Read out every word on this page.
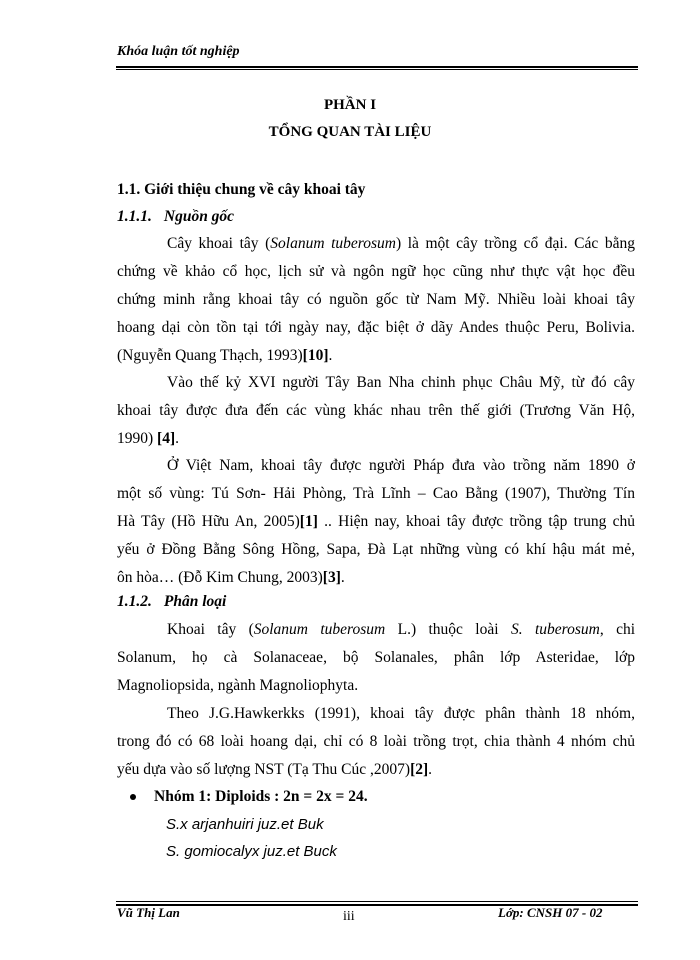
Khóa luận tốt nghiệp
PHẦN I
TỔNG QUAN TÀI LIỆU
1.1. Giới thiệu chung về cây khoai tây
1.1.1. Nguồn gốc
Cây khoai tây (Solanum tuberosum) là một cây trồng cổ đại. Các bằng
chứng về khảo cổ học, lịch sử và ngôn ngữ học cũng như thực vật học đều
chứng minh rằng khoai tây có nguồn gốc từ Nam Mỹ. Nhiều loài khoai tây
hoang dại còn tồn tại tới ngày nay, đặc biệt ở dãy Andes thuộc Peru, Bolivia.
(Nguyễn Quang Thạch, 1993)[10].
Vào thế kỷ XVI người Tây Ban Nha chinh phục Châu Mỹ, từ đó cây
khoai tây được đưa đến các vùng khác nhau trên thế giới (Trương Văn Hộ,
1990) [4].
Ở Việt Nam, khoai tây được người Pháp đưa vào trồng năm 1890 ở
một số vùng: Tú Sơn- Hải Phòng, Trà Lĩnh – Cao Bằng (1907), Thường Tín
Hà Tây (Hồ Hữu An, 2005)[1] .. Hiện nay, khoai tây được trồng tập trung chủ
yếu ở Đồng Bằng Sông Hồng, Sapa, Đà Lạt những vùng có khí hậu mát mẻ,
ôn hòa… (Đỗ Kim Chung, 2003)[3].
1.1.2. Phân loại
Khoai tây (Solanum tuberosum L.) thuộc loài S. tuberosum, chi
Solanum, họ cà Solanaceae, bộ Solanales, phân lớp Asteridae, lớp
Magnoliopsida, ngành Magnoliophyta.
Theo J.G.Hawkerkks (1991), khoai tây được phân thành 18 nhóm,
trong đó có 68 loài hoang dại, chỉ có 8 loài trồng trọt, chia thành 4 nhóm chủ
yếu dựa vào số lượng NST (Tạ Thu Cúc ,2007)[2].
Nhóm 1: Diploids : 2n = 2x = 24.
S.x arjanhuiri juz.et Buk
S. gomiocalyx juz.et Buck
Vũ Thị Lan	iii	Lớp: CNSH 07 - 02
